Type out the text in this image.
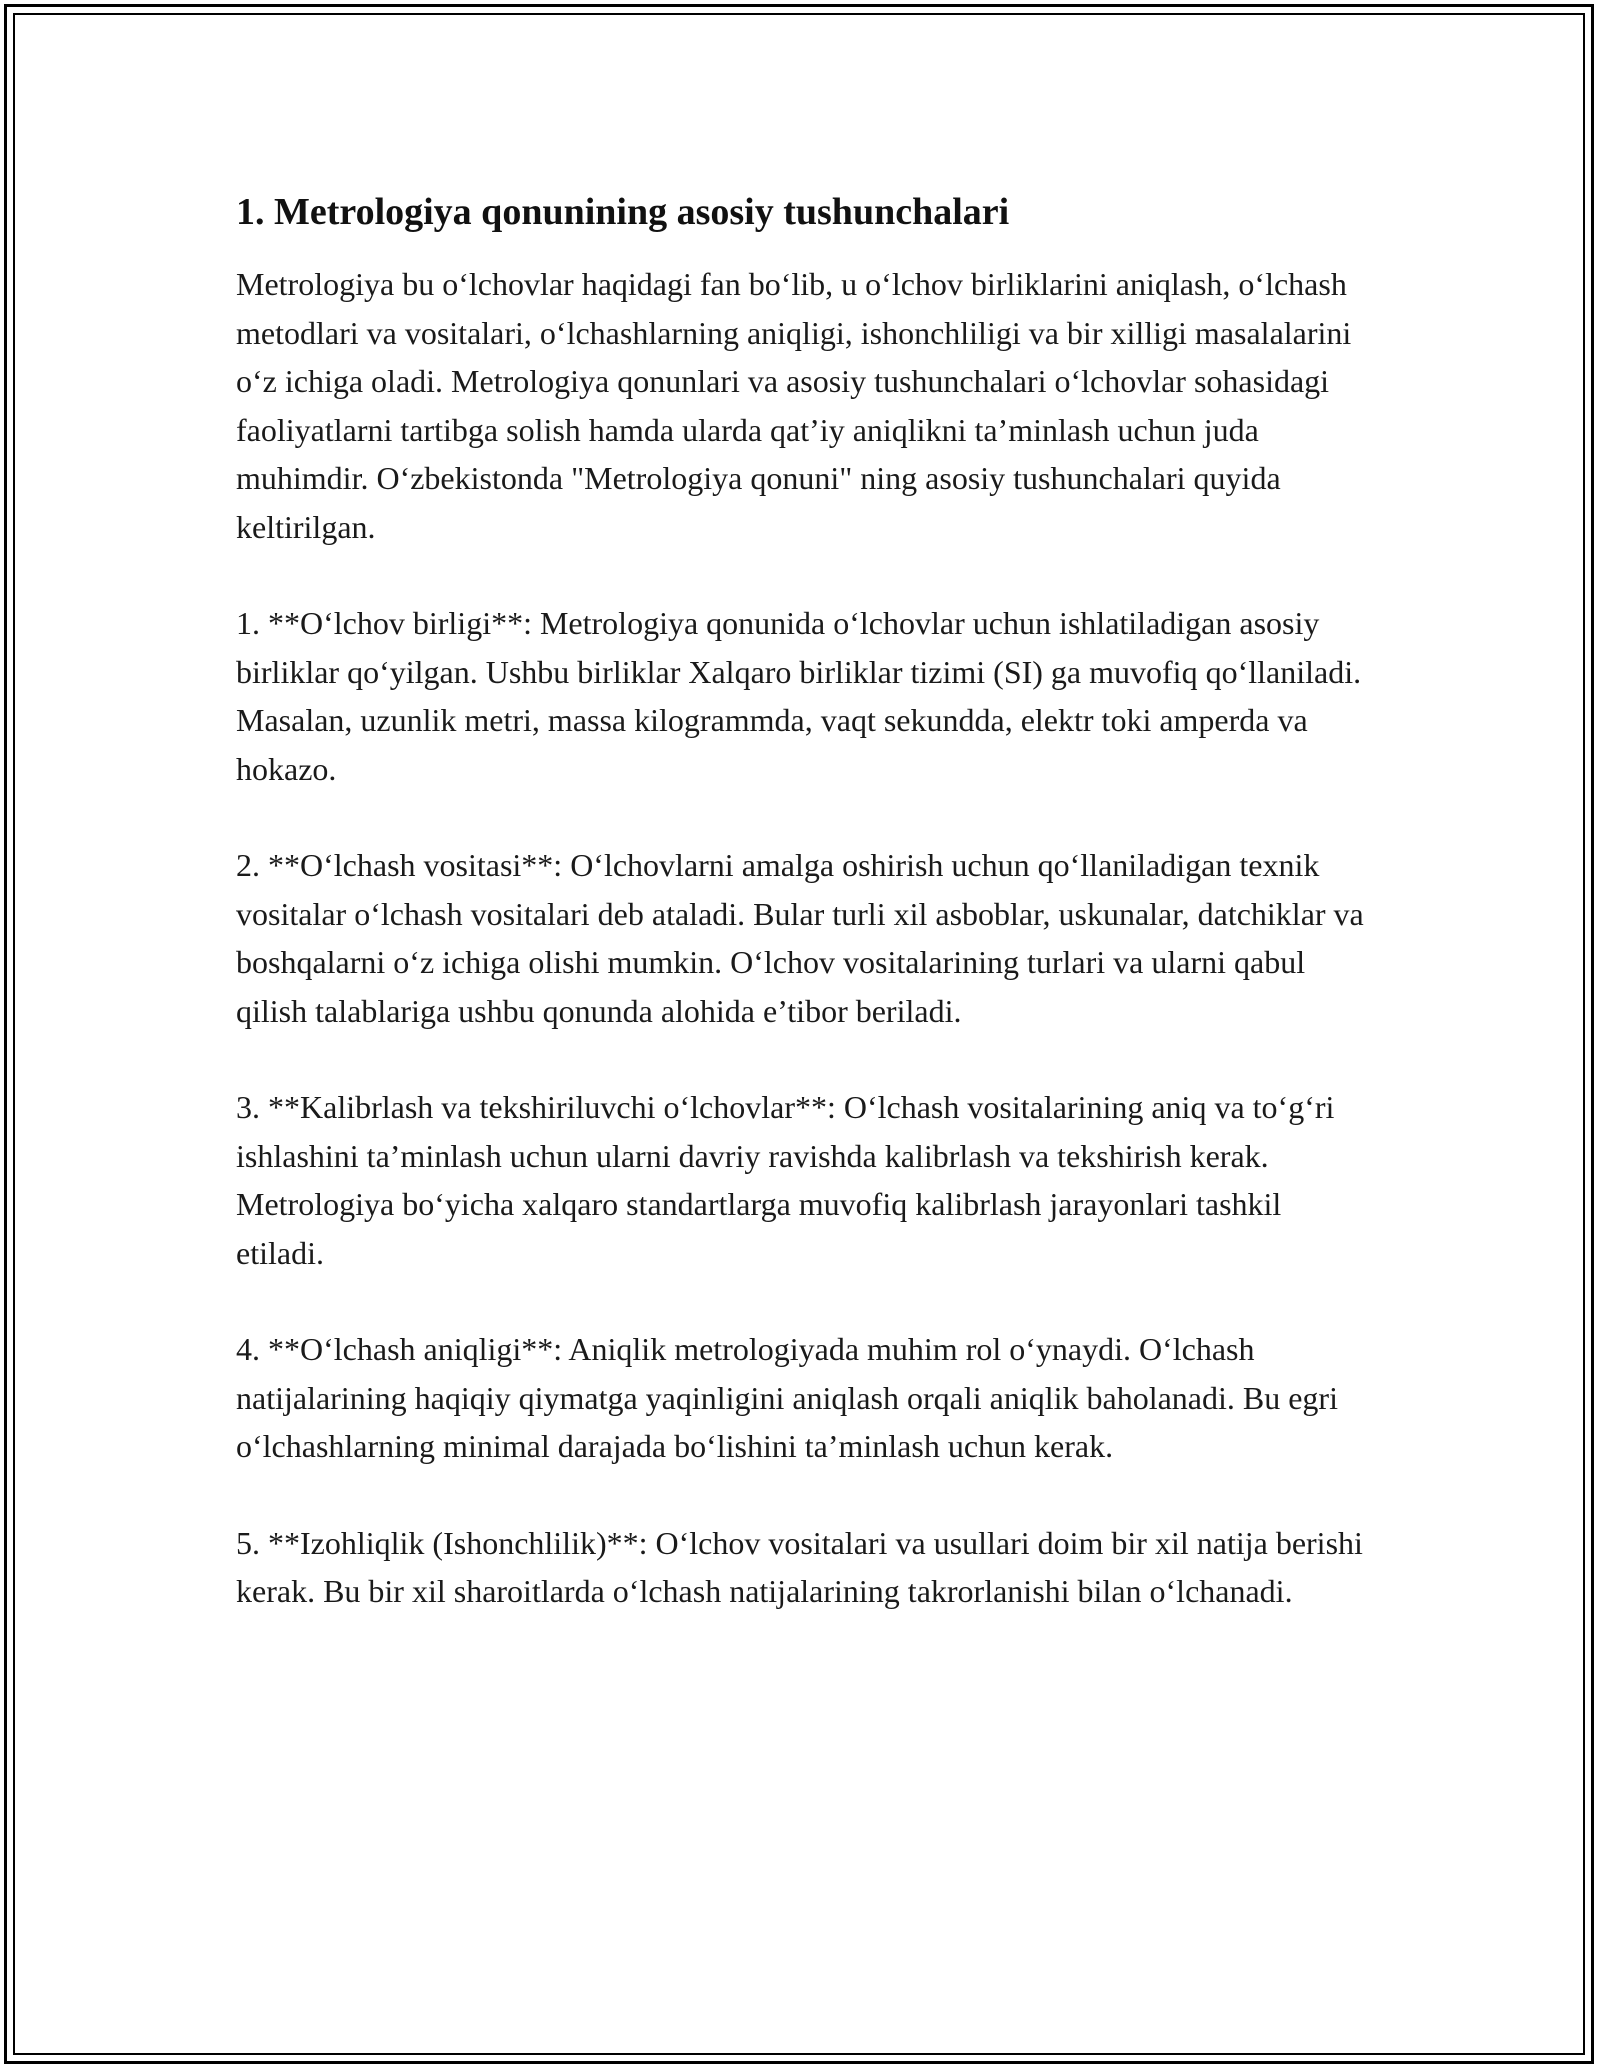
1. Metrologiya qonunining asosiy tushunchalari

Metrologiya bu o‘lchovlar haqidagi fan bo‘lib, u o‘lchov birliklarini aniqlash, o‘lchash metodlari va vositalari, o‘lchashlarning aniqligi, ishonchliligi va bir xilligi masalalarini o‘z ichiga oladi. Metrologiya qonunlari va asosiy tushunchalari o‘lchovlar sohasidagi faoliyatlarni tartibga solish hamda ularda qat’iy aniqlikni ta’minlash uchun juda muhimdir. O‘zbekistonda "Metrologiya qonuni" ning asosiy tushunchalari quyida keltirilgan.

1. **O‘lchov birligi**: Metrologiya qonunida o‘lchovlar uchun ishlatiladigan asosiy birliklar qo‘yilgan. Ushbu birliklar Xalqaro birliklar tizimi (SI) ga muvofiq qo‘llaniladi. Masalan, uzunlik metri, massa kilogrammda, vaqt sekundda, elektr toki amperda va hokazo.

2. **O‘lchash vositasi**: O‘lchovlarni amalga oshirish uchun qo‘llaniladigan texnik vositalar o‘lchash vositalari deb ataladi. Bular turli xil asboblar, uskunalar, datchiklar va boshqalarni o‘z ichiga olishi mumkin. O‘lchov vositalarining turlari va ularni qabul qilish talablariga ushbu qonunda alohida e’tibor beriladi.

3. **Kalibrlash va tekshiriluvchi o‘lchovlar**: O‘lchash vositalarining aniq va to‘g‘ri ishlashini ta’minlash uchun ularni davriy ravishda kalibrlash va tekshirish kerak. Metrologiya bo‘yicha xalqaro standartlarga muvofiq kalibrlash jarayonlari tashkil etiladi.

4. **O‘lchash aniqligi**: Aniqlik metrologiyada muhim rol o‘ynaydi. O‘lchash natijalarining haqiqiy qiymatga yaqinligini aniqlash orqali aniqlik baholanadi. Bu egri o‘lchashlarning minimal darajada bo‘lishini ta’minlash uchun kerak.

5. **Izohliqlik (Ishonchlilik)**: O‘lchov vositalari va usullari doim bir xil natija berishi kerak. Bu bir xil sharoitlarda o‘lchash natijalarining takrorlanishi bilan o‘lchanadi.
